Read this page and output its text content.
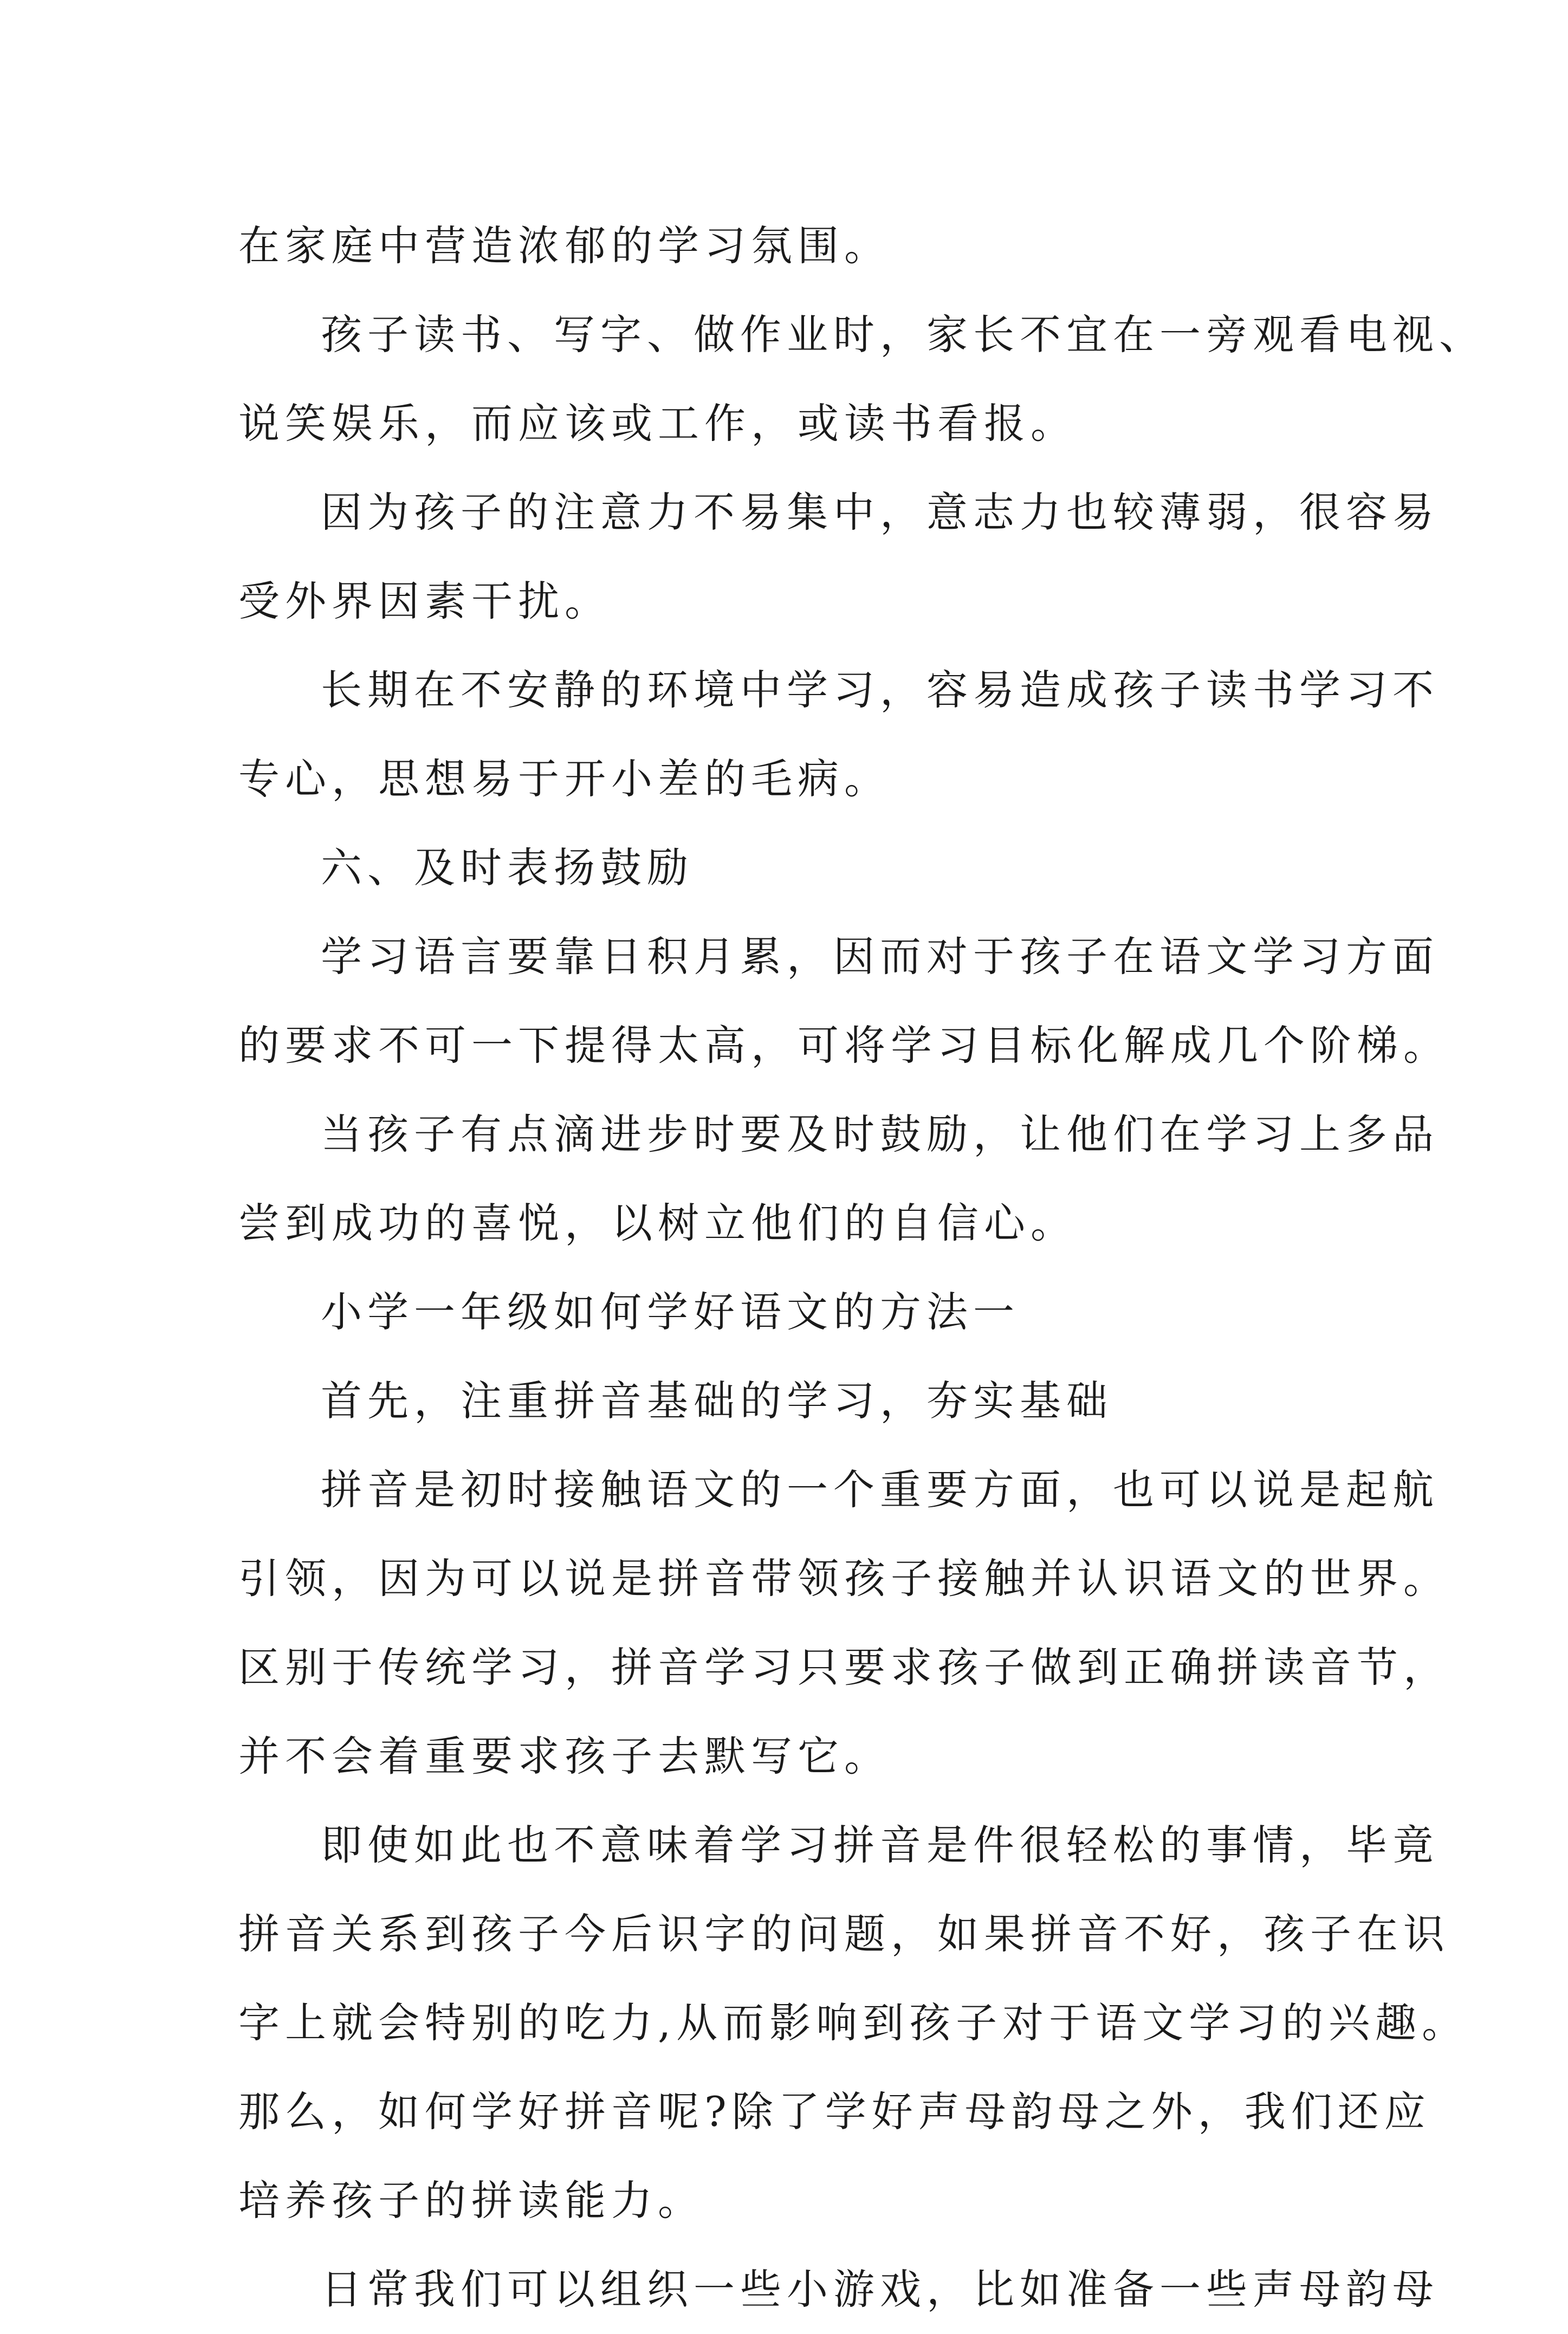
在家庭中营造浓郁的学习氛围。

孩子读书、写字、做作业时，家长不宜在一旁观看电视、
说笑娱乐，而应该或工作，或读书看报。

因为孩子的注意力不易集中，意志力也较薄弱，很容易
受外界因素干扰。

长期在不安静的环境中学习，容易造成孩子读书学习不
专心，思想易于开小差的毛病。

六、及时表扬鼓励

学习语言要靠日积月累，因而对于孩子在语文学习方面
的要求不可一下提得太高，可将学习目标化解成几个阶梯。

当孩子有点滴进步时要及时鼓励，让他们在学习上多品
尝到成功的喜悦，以树立他们的自信心。

小学一年级如何学好语文的方法一

首先，注重拼音基础的学习，夯实基础

拼音是初时接触语文的一个重要方面，也可以说是起航
引领，因为可以说是拼音带领孩子接触并认识语文的世界。
区别于传统学习，拼音学习只要求孩子做到正确拼读音节，
并不会着重要求孩子去默写它。

即使如此也不意味着学习拼音是件很轻松的事情，毕竟
拼音关系到孩子今后识字的问题，如果拼音不好，孩子在识
字上就会特别的吃力,从而影响到孩子对于语文学习的兴趣。
那么，如何学好拼音呢?除了学好声母韵母之外，我们还应
培养孩子的拼读能力。

日常我们可以组织一些小游戏，比如准备一些声母韵母
